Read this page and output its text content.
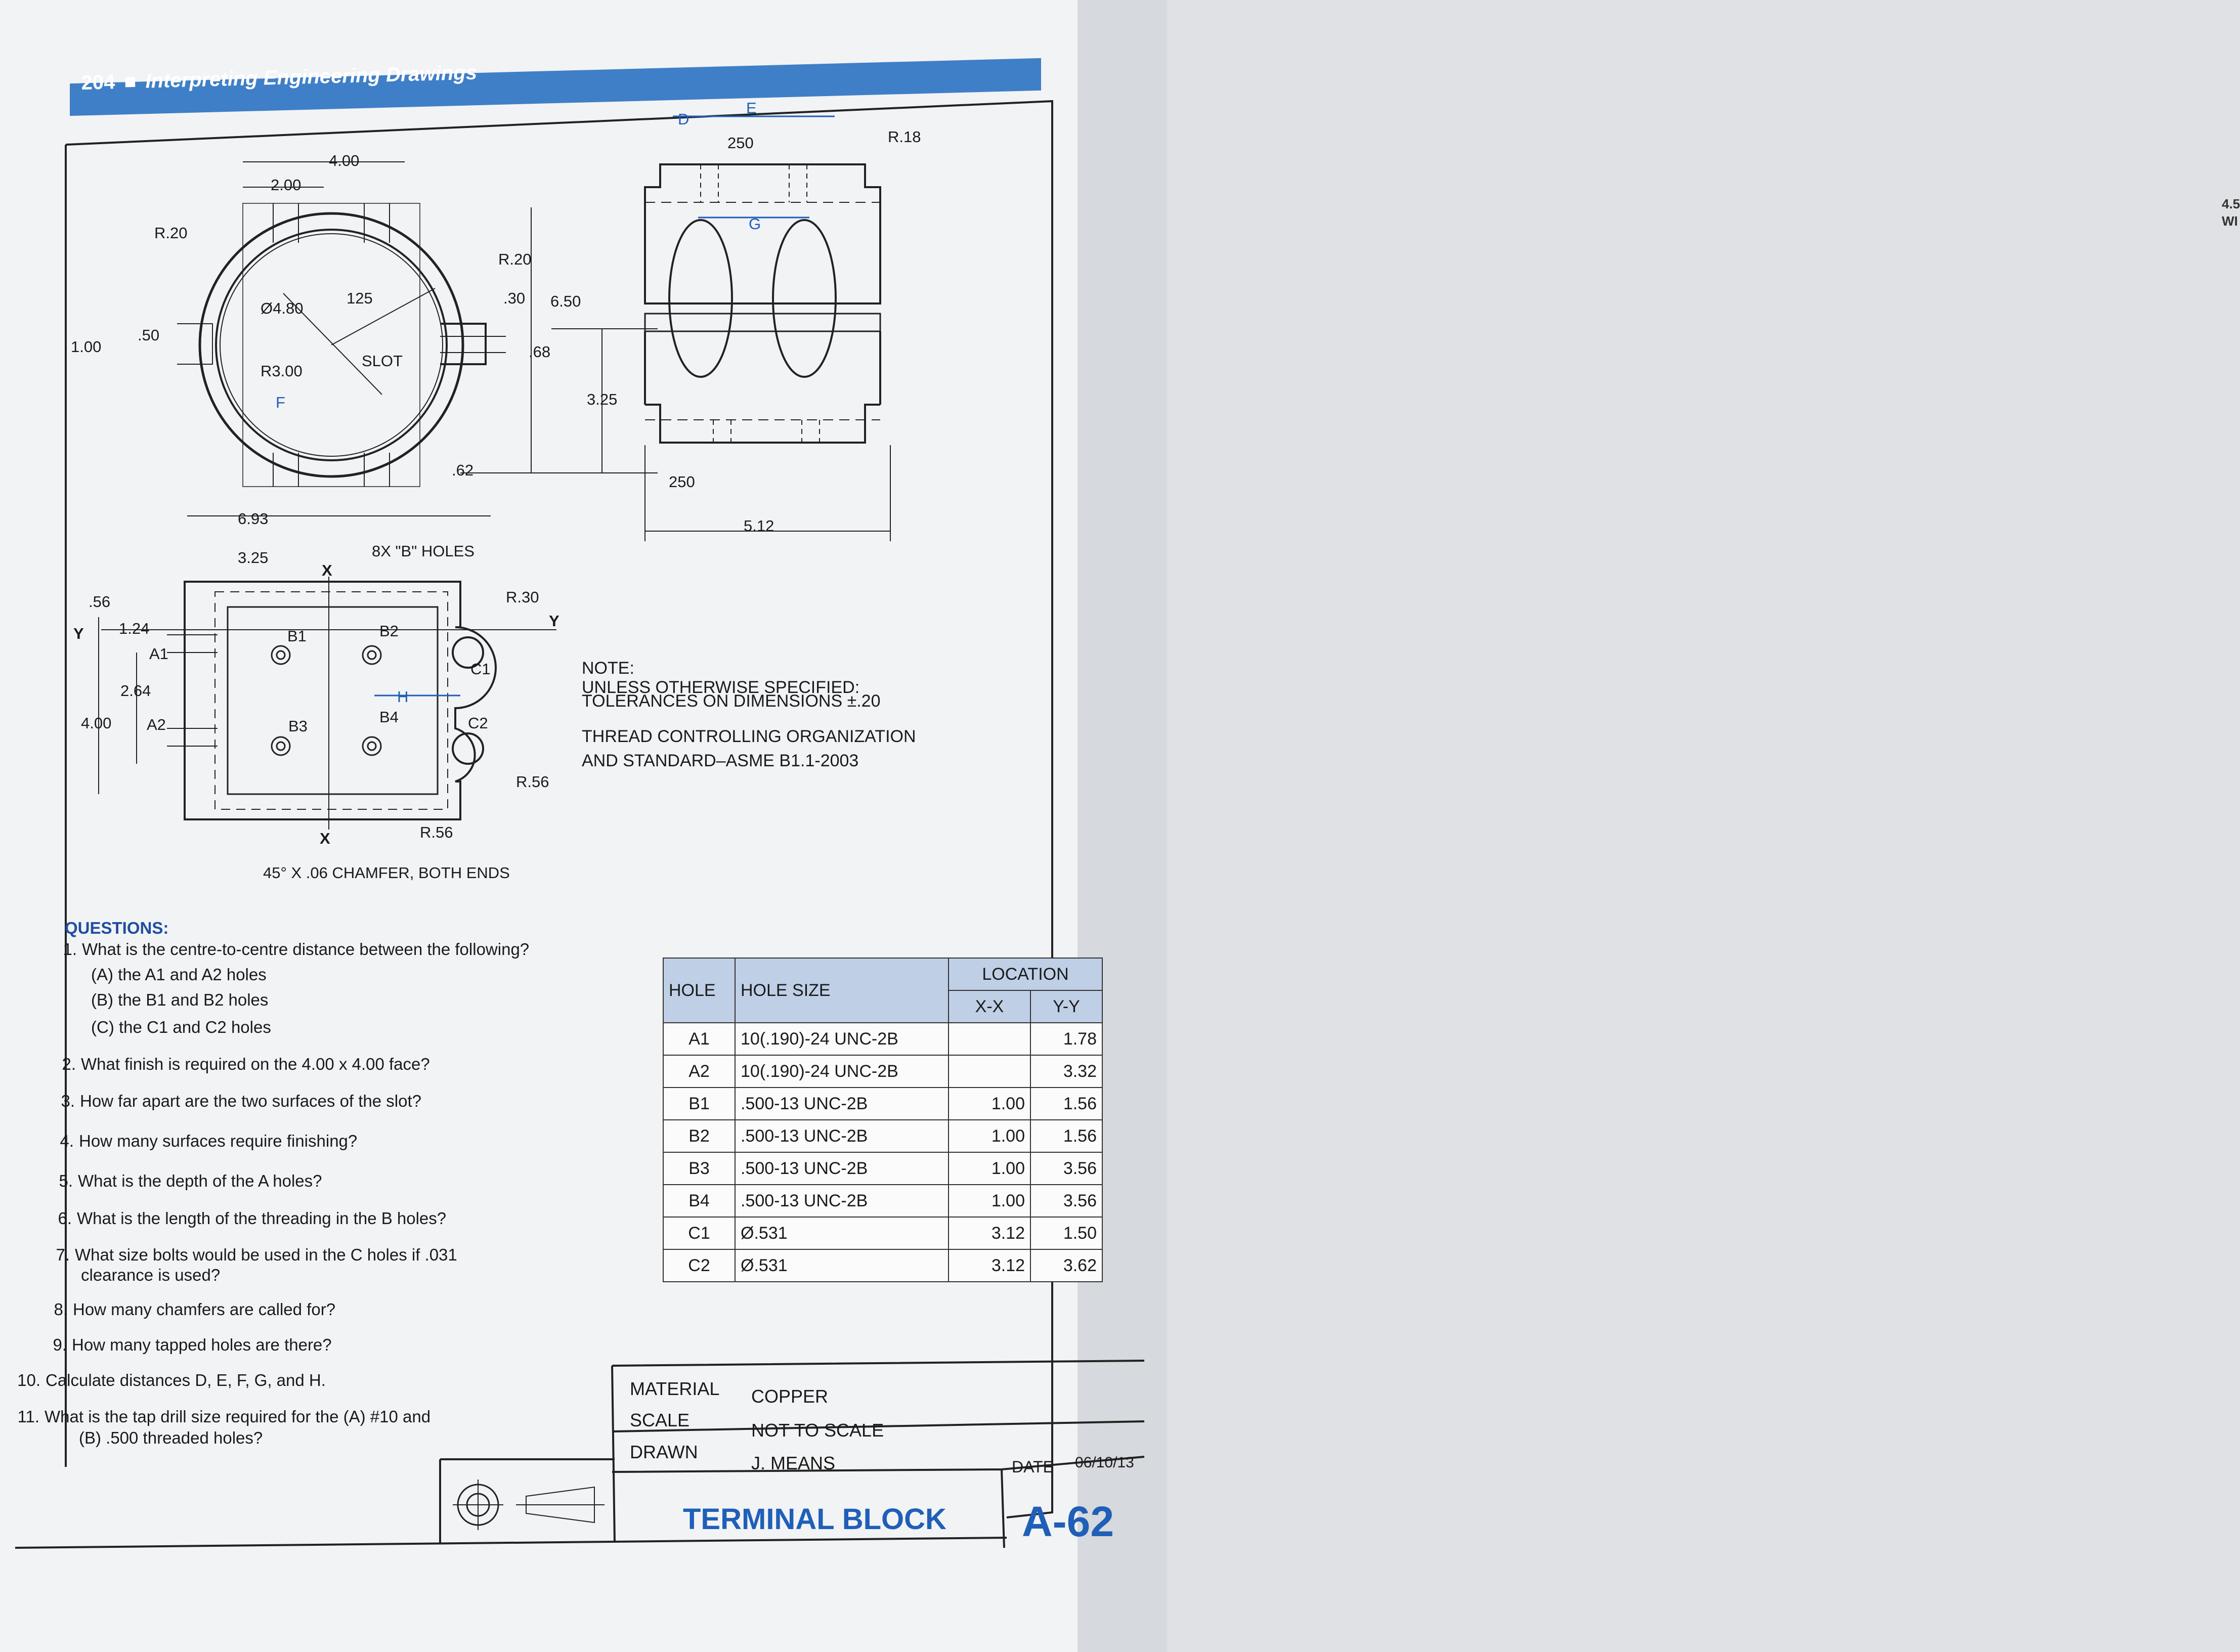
4.5
WI
204 ■ Interpreting Engineering Drawings
4.00
2.00
R.20
Ø4.80
125
R.20
.30 6.50
.50
1.00
R3.00
SLOT
.68
F	3.25
.62
6.93
3.25	8X "B" HOLES
X
R.30
Y
.56
Y 1.24
A1
2.64
4.00 A2
B1	B2
B3
B4
H
C1
C2
R.56
X	R.56
45° X .06 CHAMFER, BOTH ENDS
D
E
250	R.18
G
250
5.12
NOTE:
UNLESS OTHERWISE SPECIFIED:
TOLERANCES ON DIMENSIONS ±.20
THREAD CONTROLLING ORGANIZATION
AND STANDARD–ASME B1.1-2003
QUESTIONS:
1. What is the centre-to-centre distance between the following?
(A) the A1 and A2 holes
(B) the B1 and B2 holes
(C) the C1 and C2 holes
2. What finish is required on the 4.00 x 4.00 face?
3. How far apart are the two surfaces of the slot?
4. How many surfaces require finishing?
5. What is the depth of the A holes?
6. What is the length of the threading in the B holes?
7. What size bolts would be used in the C holes if .031
clearance is used?
8. How many chamfers are called for?
9. How many tapped holes are there?
10. Calculate distances D, E, F, G, and H.
11. What is the tap drill size required for the (A) #10 and
(B) .500 threaded holes?
HOLE	HOLE SIZE	LOCATION	
		X-X	Y-Y
A1	10(.190)-24 UNC-2B		1.78
A2	10(.190)-24 UNC-2B		3.32
B1	.500-13 UNC-2B	1.00	1.56
B2	.500-13 UNC-2B	1.00	1.56
B3	.500-13 UNC-2B	1.00	3.56
B4	.500-13 UNC-2B	1.00	3.56
C1	Ø.531	3.12	1.50
C2	Ø.531	3.12	3.62
MATERIAL COPPER
SCALE	NOT TO SCALE
DRAWN
J. MEANS	DATE 06/10/13
TERMINAL BLOCK A-62
